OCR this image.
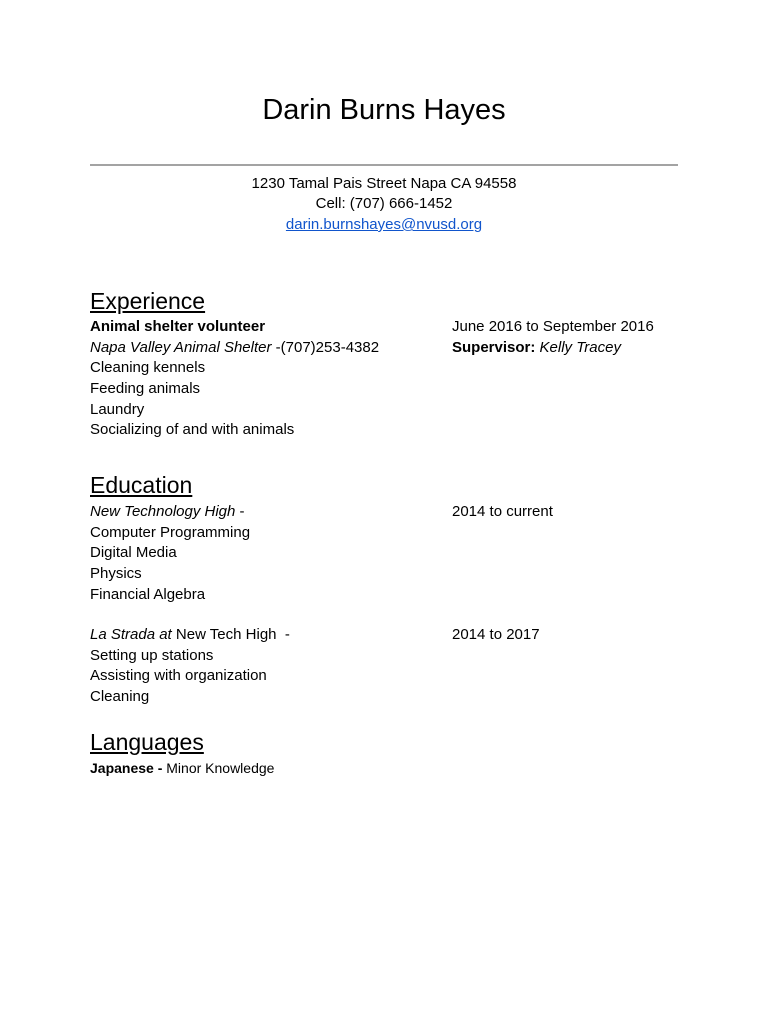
Darin Burns Hayes
1230 Tamal Pais Street Napa CA 94558
Cell: (707) 666-1452
darin.burnshayes@nvusd.org
Experience
Animal shelter volunteer	June 2016 to September 2016
Napa Valley Animal Shelter -(707)253-4382	Supervisor: Kelly Tracey
Cleaning kennels
Feeding animals
Laundry
Socializing of and with animals
Education
New Technology High -	2014 to current
Computer Programming
Digital Media
Physics
Financial Algebra
La Strada at New Tech High  -	2014 to 2017
Setting up stations
Assisting with organization
Cleaning
Languages
Japanese - Minor Knowledge
